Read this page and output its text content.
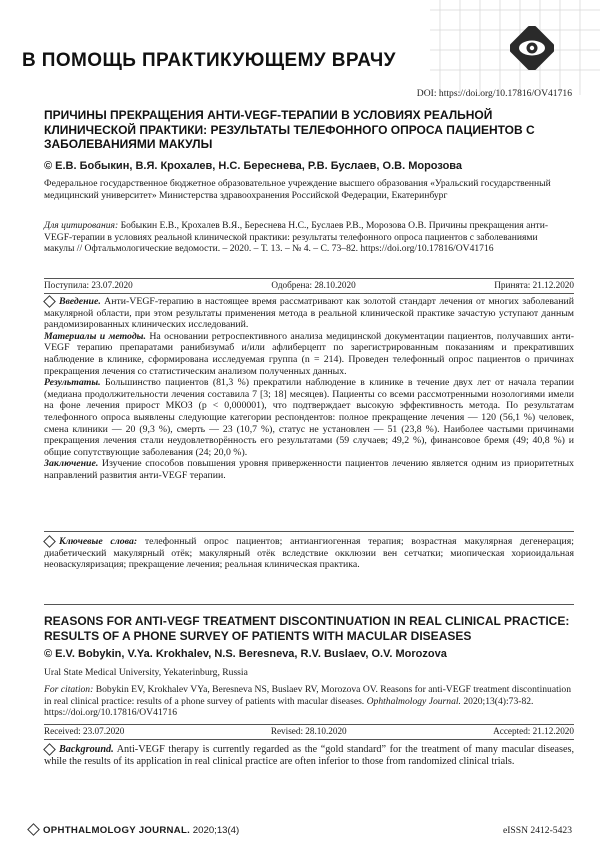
В ПОМОЩЬ ПРАКТИКУЮЩЕМУ ВРАЧУ
DOI: https://doi.org/10.17816/OV41716
ПРИЧИНЫ ПРЕКРАЩЕНИЯ АНТИ-VEGF-ТЕРАПИИ В УСЛОВИЯХ РЕАЛЬНОЙ КЛИНИЧЕСКОЙ ПРАКТИКИ: РЕЗУЛЬТАТЫ ТЕЛЕФОННОГО ОПРОСА ПАЦИЕНТОВ С ЗАБОЛЕВАНИЯМИ МАКУЛЫ
© Е.В. Бобыкин, В.Я. Крохалев, Н.С. Береснева, Р.В. Буслаев, О.В. Морозова
Федеральное государственное бюджетное образовательное учреждение высшего образования «Уральский государственный медицинский университет» Министерства здравоохранения Российской Федерации, Екатеринбург
Для цитирования: Бобыкин Е.В., Крохалев В.Я., Береснева Н.С., Буслаев Р.В., Морозова О.В. Причины прекращения анти-VEGF-терапии в условиях реальной клинической практики: результаты телефонного опроса пациентов с заболеваниями макулы // Офтальмологические ведомости. – 2020. – Т. 13. – № 4. – С. 73–82. https://doi.org/10.17816/OV41716
Поступила: 23.07.2020	Одобрена: 28.10.2020	Принята: 21.12.2020

Введение. Анти-VEGF-терапию в настоящее время рассматривают как золотой стандарт лечения от многих заболеваний макулярной области, при этом результаты применения метода в реальной клинической практике зачастую уступают данным рандомизированных клинических исследований.

Материалы и методы. На основании ретроспективного анализа медицинской документации пациентов, получавших анти-VEGF терапию препаратами ранибизумаб и/или афлиберцепт по зарегистрированным показаниям и прекративших наблюдение в клинике, сформирована исследуемая группа (n = 214). Проведен телефонный опрос пациентов о причинах прекращения лечения со статистическим анализом полученных данных.

Результаты. Большинство пациентов (81,3 %) прекратили наблюдение в клинике в течение двух лет от начала терапии (медиана продолжительности лечения составила 7 [3; 18] месяцев). Пациенты со всеми рассмотренными нозологиями имели на фоне лечения прирост МКОЗ (p < 0,000001), что подтверждает высокую эффективность метода. По результатам телефонного опроса выявлены следующие категории респондентов: полное прекращение лечения — 120 (56,1 %) человек, смена клиники — 20 (9,3 %), смерть — 23 (10,7 %), статус не установлен — 51 (23,8 %). Наиболее частыми причинами прекращения лечения стали неудовлетворённость его результатами (59 случаев; 49,2 %), финансовое бремя (49; 40,8 %) и общие сопутствующие заболевания (24; 20,0 %).

Заключение. Изучение способов повышения уровня приверженности пациентов лечению является одним из приоритетных направлений развития анти-VEGF терапии.

Ключевые слова: телефонный опрос пациентов; антиангиогенная терапия; возрастная макулярная дегенерация; диабетический макулярный отёк; макулярный отёк вследствие окклюзии вен сетчатки; миопическая хориоидальная неоваскуляризация; прекращение лечения; реальная клиническая практика.

REASONS FOR ANTI-VEGF TREATMENT DISCONTINUATION IN REAL CLINICAL PRACTICE: RESULTS OF A PHONE SURVEY OF PATIENTS WITH MACULAR DISEASES
© E.V. Bobykin, V.Ya. Krokhalev, N.S. Beresneva, R.V. Buslaev, O.V. Morozova
Ural State Medical University, Yekaterinburg, Russia
For citation: Bobykin EV, Krokhalev VYa, Beresneva NS, Buslaev RV, Morozova OV. Reasons for anti-VEGF treatment discontinuation in real clinical practice: results of a phone survey of patients with macular diseases. Ophthalmology Journal. 2020;13(4):73-82. https://doi.org/10.17816/OV41716
Received: 23.07.2020	Revised: 28.10.2020	Accepted: 21.12.2020

Background. Anti-VEGF therapy is currently regarded as the “gold standard” for the treatment of many macular diseases, while the results of its application in real clinical practice are often inferior to those from randomized clinical trials.

OPHTHALMOLOGY JOURNAL. 2020;13(4)	eISSN 2412-5423
